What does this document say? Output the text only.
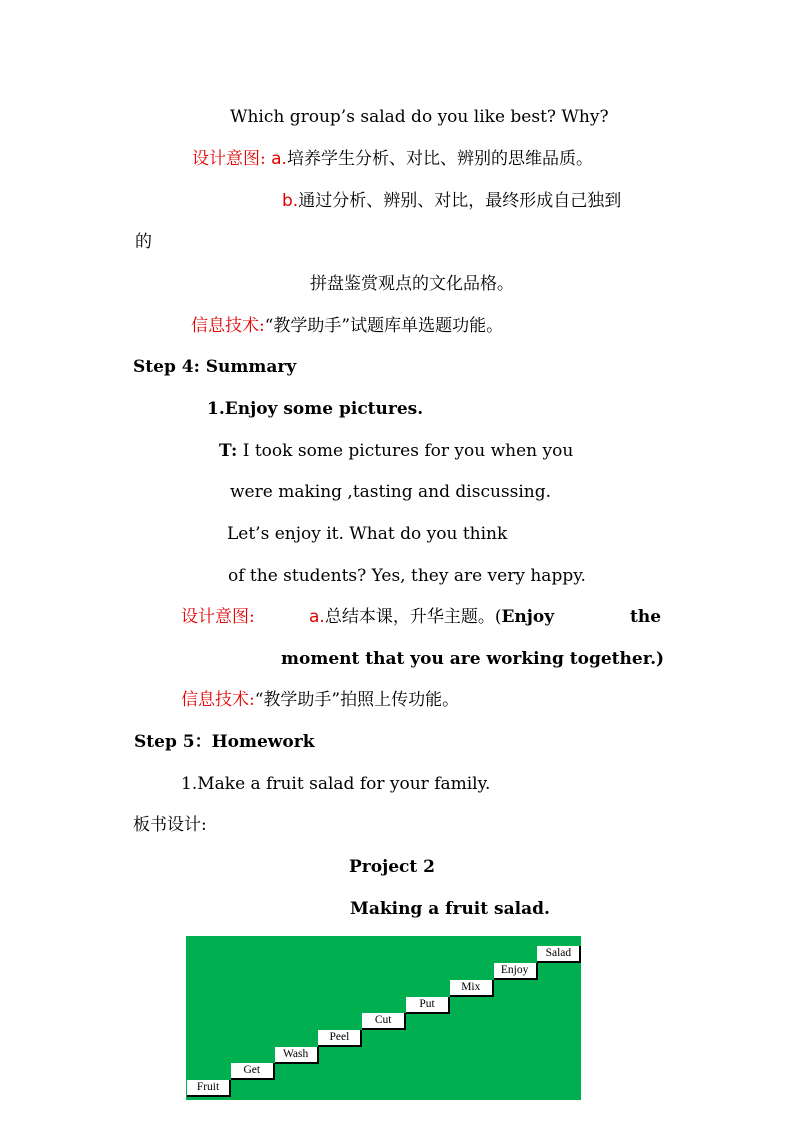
Which group’s salad do you like best? Why?
设计意图: a.培养学生分析、对比、辨别的思维品质。
b.通过分析、辨别、对比，最终形成自己独到
的
拼盘鉴赏观点的文化品格。
信息技术:“教学助手”试题库单选题功能。
Step 4: Summary
1.Enjoy some pictures.
T: I took some pictures for you when you
were making ,tasting and discussing.
Let’s enjoy it. What do you think
of the students? Yes, they are very happy.
设计意图:	a.总结本课，升华主题。(Enjoy	the
moment that you are working together.)
信息技术:“教学助手”拍照上传功能。
Step 5：Homework
1.Make a fruit salad for your family.
板书设计:
Project 2
Making a fruit salad.
Fruit
Get
Wash
Peel
Cut
Put
Mix
Enjoy
Salad
